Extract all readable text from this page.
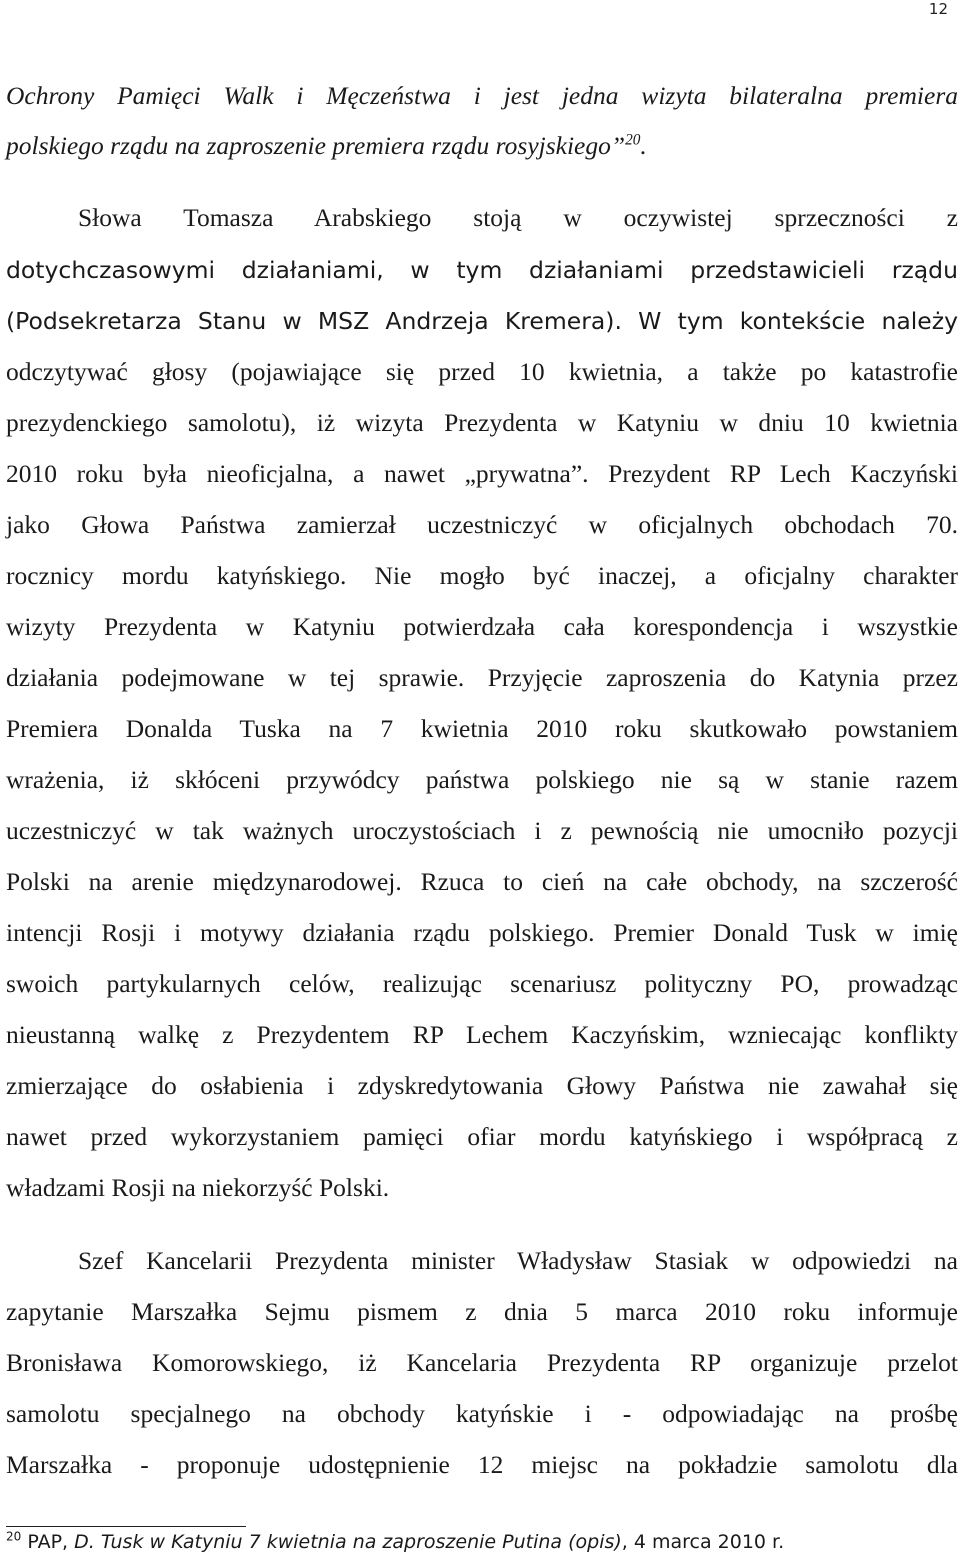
12
Ochrony Pamięci Walk i Męczeństwa i jest jedna wizyta bilateralna premiera
polskiego rządu na zaproszenie premiera rządu rosyjskiego”$^{20}$.
Słowa Tomasza Arabskiego stoją w oczywistej sprzeczności z
dotychczasowymi działaniami, w tym działaniami przedstawicieli rządu
(Podsekretarza Stanu w MSZ Andrzeja Kremera). W tym kontekście należy
odczytywać głosy (pojawiające się przed 10 kwietnia, a także po katastrofie
prezydenckiego samolotu), iż wizyta Prezydenta w Katyniu w dniu 10 kwietnia
2010 roku była nieoficjalna, a nawet „prywatna”. Prezydent RP Lech Kaczyński
jako Głowa Państwa zamierzał uczestniczyć w oficjalnych obchodach 70.
rocznicy mordu katyńskiego. Nie mogło być inaczej, a oficjalny charakter
wizyty Prezydenta w Katyniu potwierdzała cała korespondencja i wszystkie
działania podejmowane w tej sprawie. Przyjęcie zaproszenia do Katynia przez
Premiera Donalda Tuska na 7 kwietnia 2010 roku skutkowało powstaniem
wrażenia, iż skłóceni przywódcy państwa polskiego nie są w stanie razem
uczestniczyć w tak ważnych uroczystościach i z pewnością nie umocniło pozycji
Polski na arenie międzynarodowej. Rzuca to cień na całe obchody, na szczerość
intencji Rosji i motywy działania rządu polskiego. Premier Donald Tusk w imię
swoich partykularnych celów, realizując scenariusz polityczny PO, prowadząc
nieustanną walkę z Prezydentem RP Lechem Kaczyńskim, wzniecając konflikty
zmierzające do osłabienia i zdyskredytowania Głowy Państwa nie zawahał się
nawet przed wykorzystaniem pamięci ofiar mordu katyńskiego i współpracą z
władzami Rosji na niekorzyść Polski.
Szef Kancelarii Prezydenta minister Władysław Stasiak w odpowiedzi na
zapytanie Marszałka Sejmu pismem z dnia 5 marca 2010 roku informuje
Bronisława Komorowskiego, iż Kancelaria Prezydenta RP organizuje przelot
samolotu specjalnego na obchody katyńskie i - odpowiadając na prośbę
Marszałka - proponuje udostępnienie 12 miejsc na pokładzie samolotu dla
$^{20}$ PAP, D. Tusk w Katyniu 7 kwietnia na zaproszenie Putina (opis), 4 marca 2010 r.
